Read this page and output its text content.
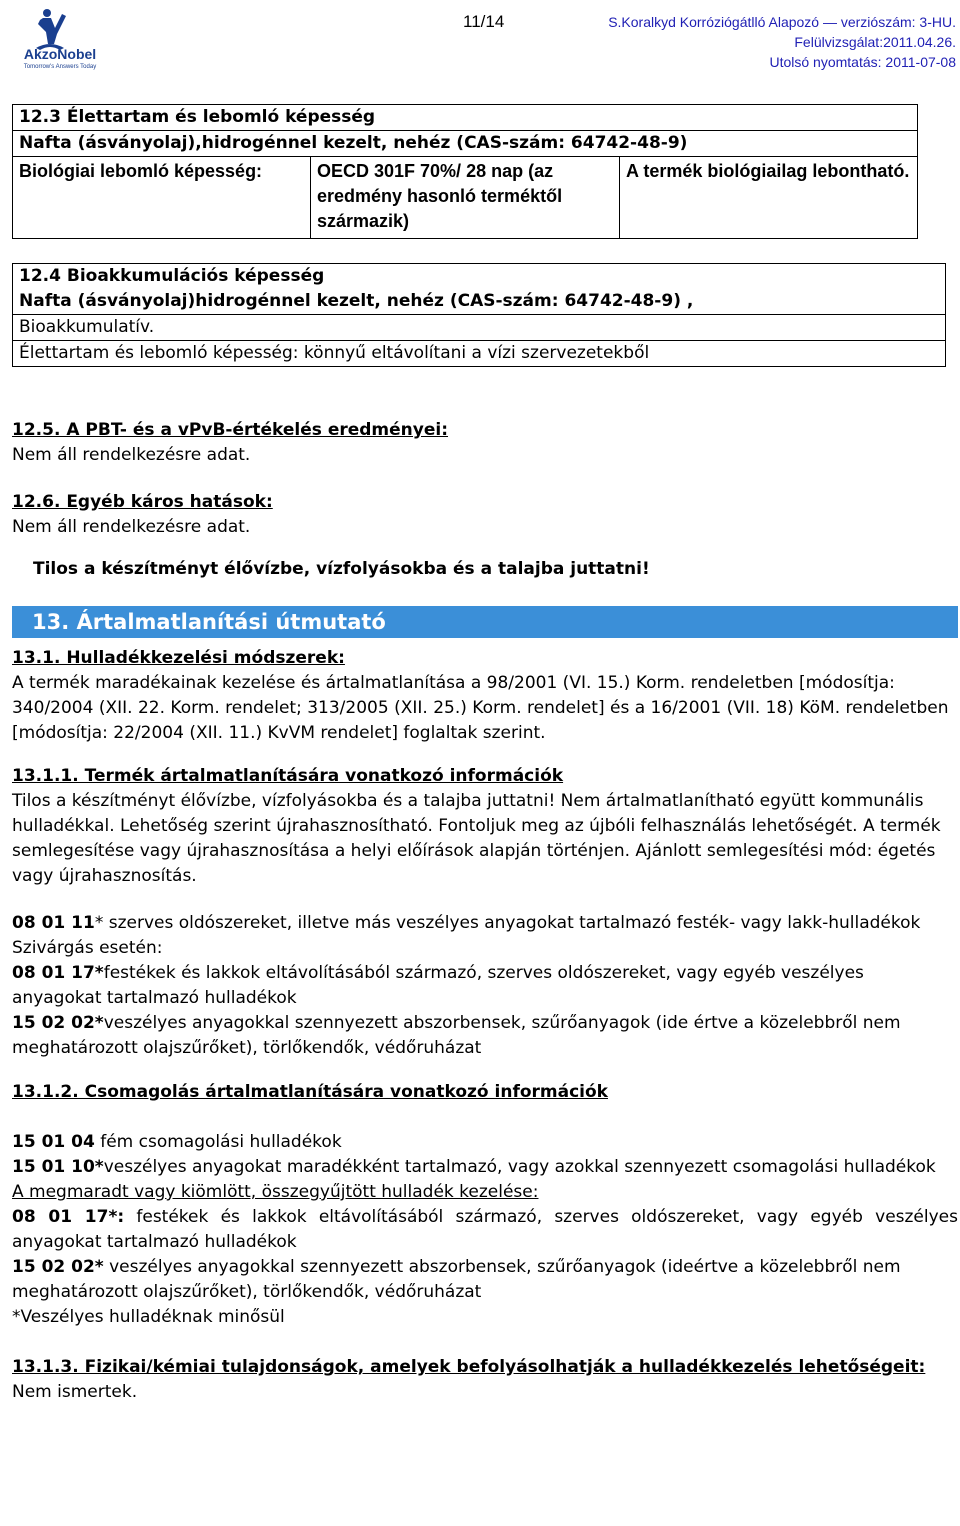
AkzoNobel
Tomorrow's Answers Today
11/14	S.Koralkyd Korróziógátlló Alapozó — verziószám: 3-HU.
Felülvizsgálat:2011.04.26.
Utolsó nyomtatás: 2011-07-08
12.3 Élettartam és lebomló képesség
Nafta (ásványolaj),hidrogénnel kezelt, nehéz (CAS-szám: 64742-48-9)
Biológiai lebomló képesség:	OECD 301F 70%/ 28 nap (az eredmény hasonló terméktől származik)
A termék biológiailag lebontható.
12.4 Bioakkumulációs képesség
Nafta (ásványolaj)hidrogénnel kezelt, nehéz (CAS-szám: 64742-48-9) ,
Bioakkumulatív.
Élettartam és lebomló képesség: könnyű eltávolítani a vízi szervezetekből

12.5. A PBT- és a vPvB-értékelés eredményei:

Nem áll rendelkezésre adat.

12.6. Egyéb káros hatások:

Nem áll rendelkezésre adat.

Tilos a készítményt élővízbe, vízfolyásokba és a talajba juttatni!

13. Ártalmatlanítási útmutató

13.1. Hulladékkezelési módszerek:

A termék maradékainak kezelése és ártalmatlanítása a 98/2001 (VI. 15.) Korm. rendeletben [módosítja: 340/2004 (XII. 22. Korm. rendelet; 313/2005 (XII. 25.) Korm. rendelet] és a 16/2001 (VII. 18) KöM. rendeletben [módosítja: 22/2004 (XII. 11.) KvVM rendelet] foglaltak szerint.

13.1.1. Termék ártalmatlanítására vonatkozó információk

Tilos a készítményt élővízbe, vízfolyásokba és a talajba juttatni! Nem ártalmatlanítható együtt kommunális hulladékkal. Lehetőség szerint újrahasznosítható. Fontoljuk meg az újbóli felhasználás lehetőségét. A termék semlegesítése vagy újrahasznosítása a helyi előírások alapján történjen. Ajánlott semlegesítési mód: égetés vagy újrahasznosítás.

08 01 11* szerves oldószereket, illetve más veszélyes anyagokat tartalmazó festék- vagy lakk-hulladékok

Szivárgás esetén:

08 01 17*festékek és lakkok eltávolításából származó, szerves oldószereket, vagy egyéb veszélyes anyagokat tartalmazó hulladékok

15 02 02*veszélyes anyagokkal szennyezett abszorbensek, szűrőanyagok (ide értve a közelebbről nem meghatározott olajszűrőket), törlőkendők, védőruházat

13.1.2. Csomagolás ártalmatlanítására vonatkozó információk

15 01 04 fém csomagolási hulladékok

15 01 10*veszélyes anyagokat maradékként tartalmazó, vagy azokkal szennyezett csomagolási hulladékok

A megmaradt vagy kiömlött, összegyűjtött hulladék kezelése:

08 01 17*: festékek és lakkok eltávolításából származó, szerves oldószereket, vagy egyéb veszélyes anyagokat tartalmazó hulladékok

15 02 02* veszélyes anyagokkal szennyezett abszorbensek, szűrőanyagok (ideértve a közelebbről nem meghatározott olajszűrőket), törlőkendők, védőruházat

*Veszélyes hulladéknak minősül

13.1.3. Fizikai/kémiai tulajdonságok, amelyek befolyásolhatják a hulladékkezelés lehetőségeit:

Nem ismertek.
